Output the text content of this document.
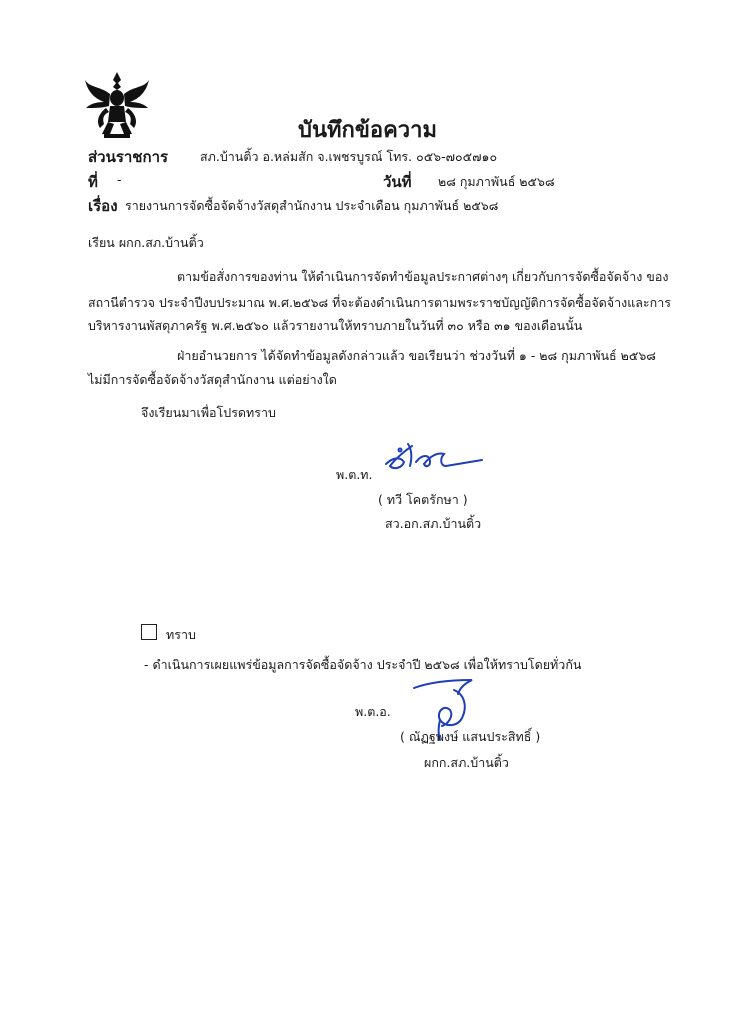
บันทึกข้อความ
ส่วนราชการ	สภ.บ้านติ้ว อ.หล่มสัก จ.เพชรบูรณ์ โทร. ๐๕๖-๗๐๕๗๑๐
ที่ -	วันที่ ๒๘ กุมภาพันธ์ ๒๕๖๘
เรื่อง รายงานการจัดซื้อจัดจ้างวัสดุสำนักงาน ประจำเดือน กุมภาพันธ์ ๒๕๖๘
เรียน ผกก.สภ.บ้านติ้ว
ตามข้อสั่งการของท่าน ให้ดำเนินการจัดทำข้อมูลประกาศต่างๆ เกี่ยวกับการจัดซื้อจัดจ้าง ของ
สถานีตำรวจ ประจำปีงบประมาณ พ.ศ.๒๕๖๘ ที่จะต้องดำเนินการตามพระราชบัญญัติการจัดซื้อจัดจ้างและการ
บริหารงานพัสดุภาครัฐ พ.ศ.๒๕๖๐ แล้วรายงานให้ทราบภายในวันที่ ๓๐ หรือ ๓๑ ของเดือนนั้น
ฝ่ายอำนวยการ ได้จัดทำข้อมูลดังกล่าวแล้ว ขอเรียนว่า ช่วงวันที่ ๑ - ๒๘ กุมภาพันธ์ ๒๕๖๘
ไม่มีการจัดซื้อจัดจ้างวัสดุสำนักงาน แต่อย่างใด
จึงเรียนมาเพื่อโปรดทราบ
พ.ต.ท.
( ทวี โคตรักษา )
สว.อก.สภ.บ้านติ้ว
ทราบ
- ดำเนินการเผยแพร่ข้อมูลการจัดซื้อจัดจ้าง ประจำปี ๒๕๖๘ เพื่อให้ทราบโดยทั่วกัน
พ.ต.อ.
( ณัฏฐพงษ์ แสนประสิทธิ์ )
ผกก.สภ.บ้านติ้ว
